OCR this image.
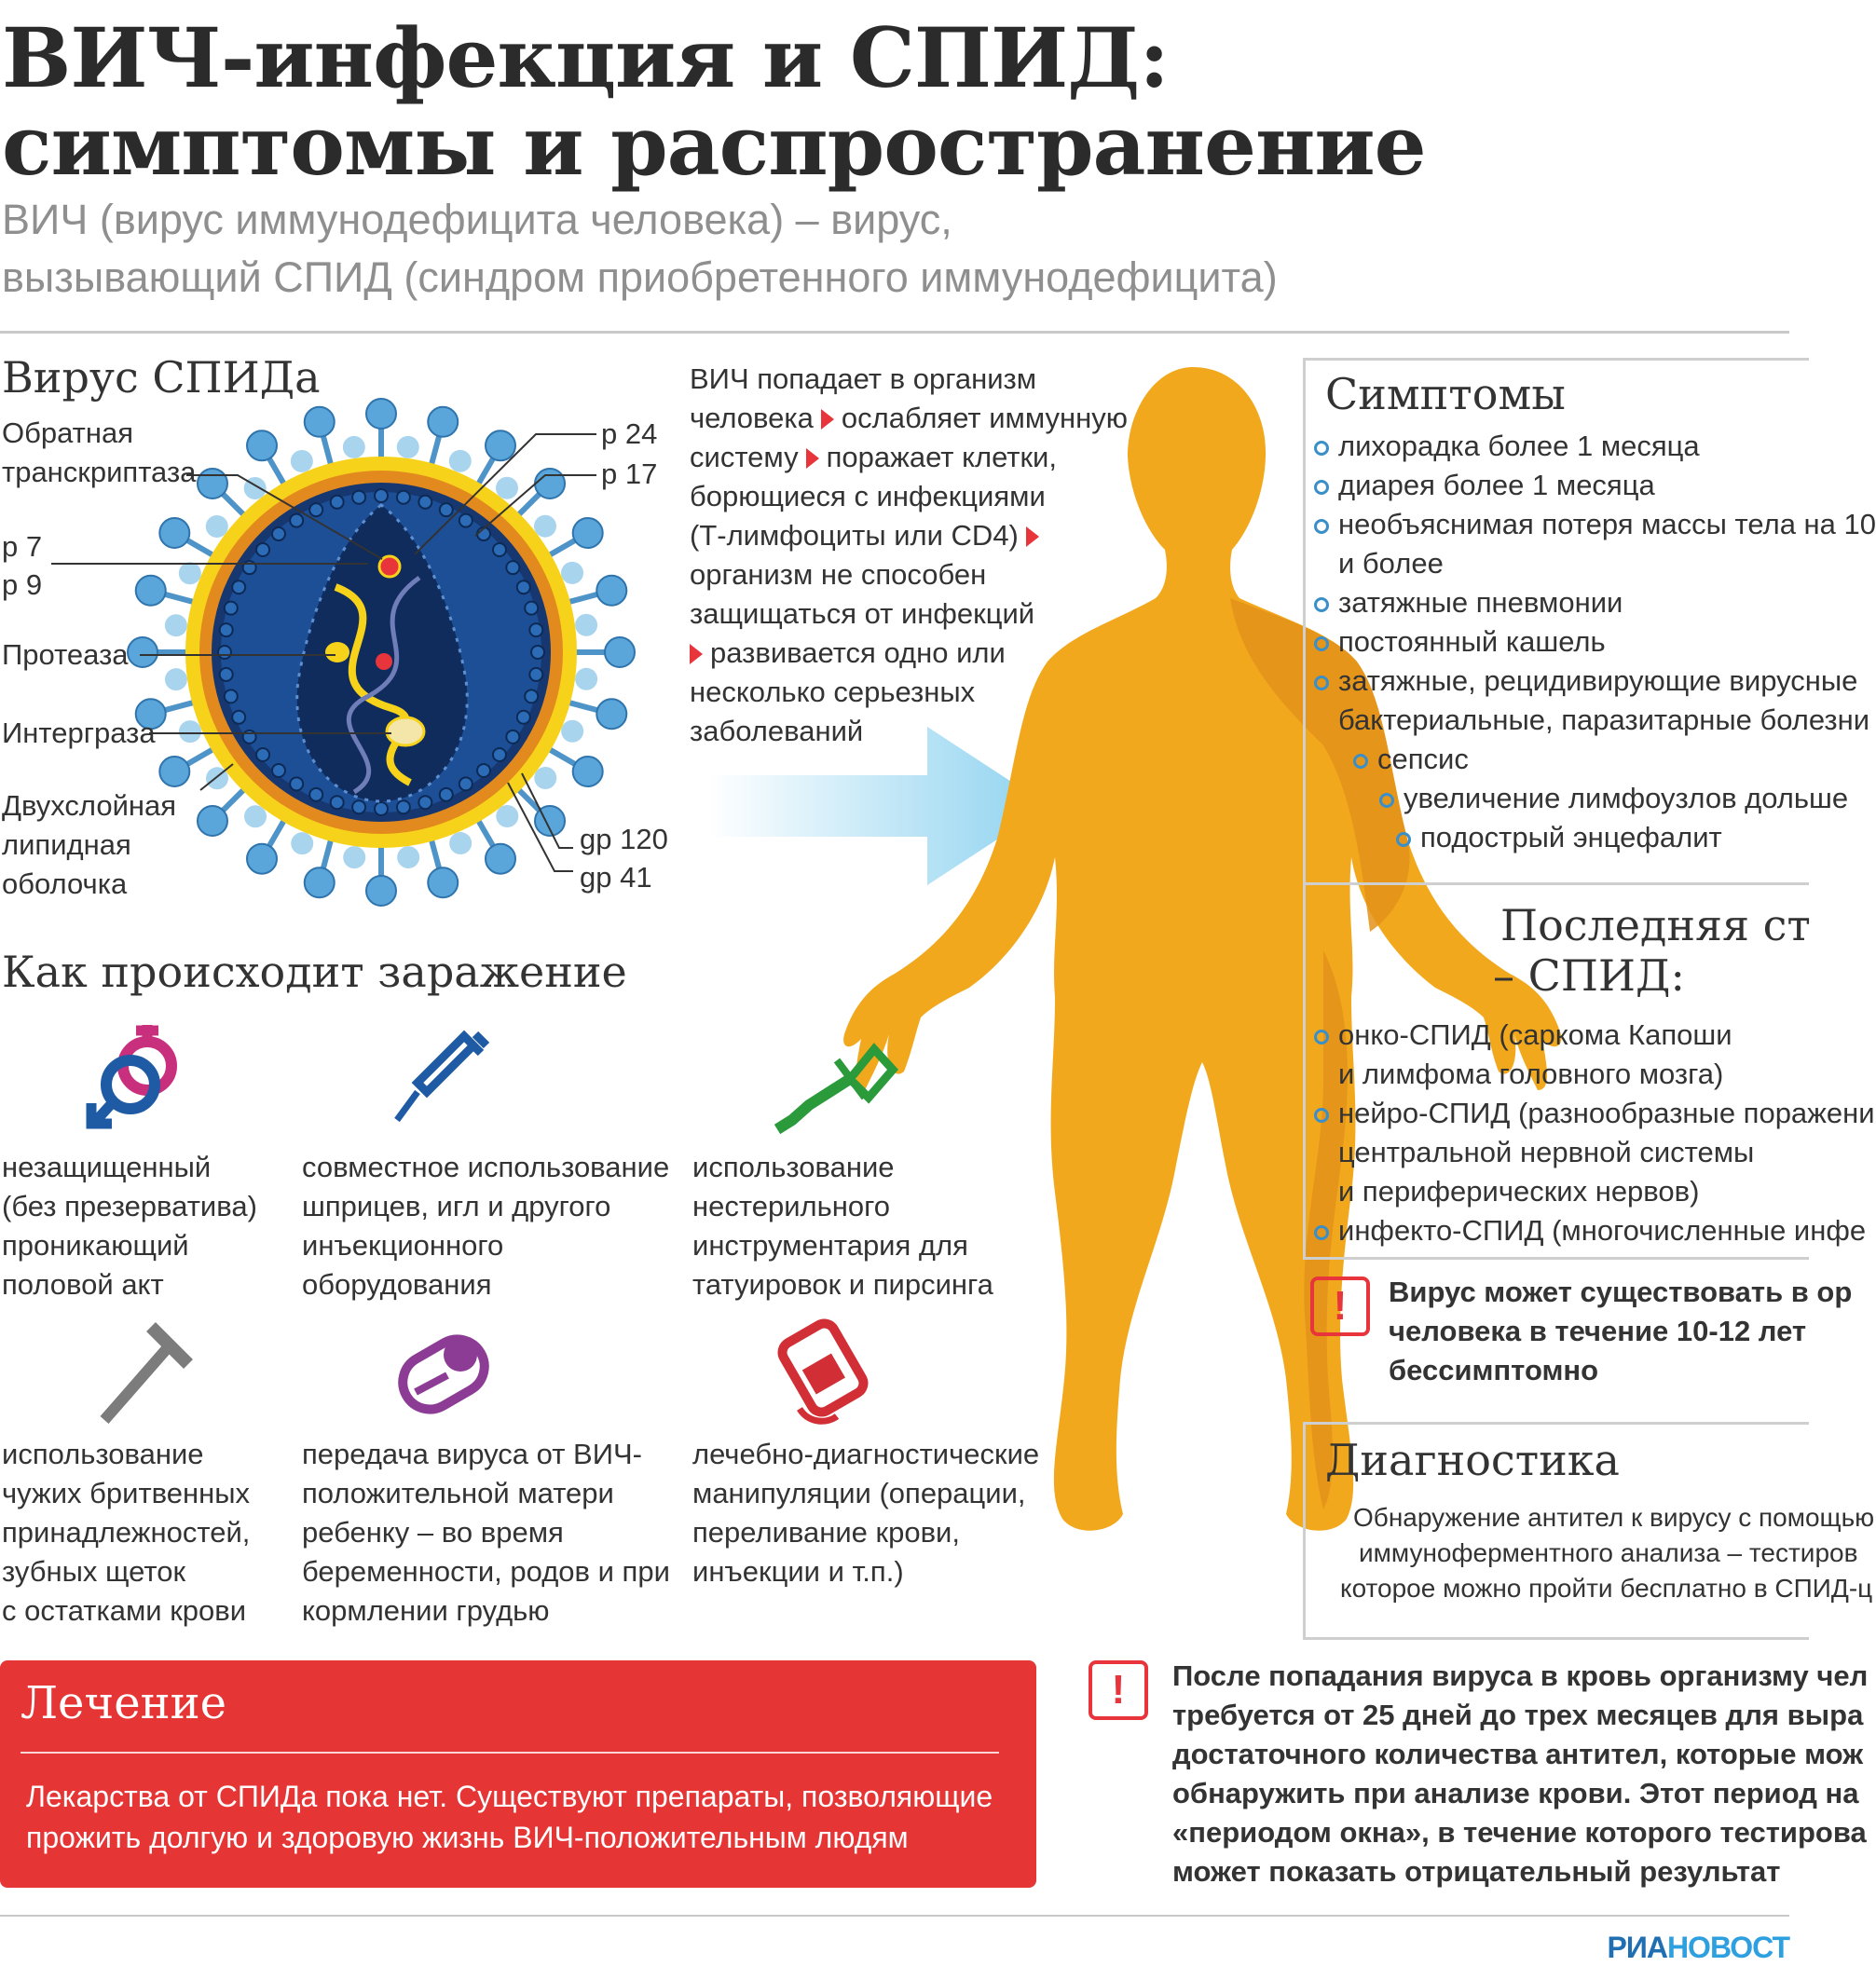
ВИЧ-инфекция и СПИД:
симптомы и распространение
ВИЧ (вирус иммунодефицита человека) – вирус,
вызывающий СПИД (синдром приобретенного иммунодефицита)
Вирус СПИДа
Обратная
транскриптаза
p 7
p 9
Протеаза
Интерграза
Двухслойная
липидная
оболочка
p 24
p 17
gp 120
gp 41
ВИЧ попадает в организм
человека ослабляет иммунную
систему поражает клетки,
борющиеся с инфекциями
(Т-лимфоциты или CD4)
организм не способен
защищаться от инфекций
развивается одно или
несколько серьезных
заболеваний
Симптомы
лихорадка более 1 месяца
диарея более 1 месяца
необъяснимая потеря массы тела на 10
и более
затяжные пневмонии
постоянный кашель
затяжные, рецидивирующие вирусные
бактериальные, паразитарные болезни
сепсис
увеличение лимфоузлов дольше
подострый энцефалит
Последняя ст
– СПИД:
онко-СПИД (саркома Капоши
и лимфома головного мозга)
нейро-СПИД (разнообразные поражени
центральной нервной системы
и периферических нервов)
инфекто-СПИД (многочисленные инфе
!	Вирус может существовать в ор
человека в течение 10-12 лет
бессимптомно
Диагностика
Обнаружение антител к вирусу с помощью
иммуноферментного анализа – тестиров
которое можно пройти бесплатно в СПИД-ц
!	После попадания вируса в кровь организму чел
требуется от 25 дней до трех месяцев для выра
достаточного количества антител, которые мож
обнаружить при анализе крови. Этот период на
«периодом окна», в течение которого тестирова
может показать отрицательный результат
Как происходит заражение
незащищенный
(без презерватива)
проникающий
половой акт
совместное использование
шприцев, игл и другого
инъекционного
оборудования
использование
нестерильного
инструментария для
татуировок и пирсинга
использование
чужих бритвенных
принадлежностей,
зубных щеток
с остатками крови
передача вируса от ВИЧ-
положительной матери
ребенку – во время
беременности, родов и при
кормлении грудью
лечебно-диагностические
манипуляции (операции,
переливание крови,
инъекции и т.п.)
Лечение
Лекарства от СПИДа пока нет. Существуют препараты, позволяющие
прожить долгую и здоровую жизнь ВИЧ-положительным людям
РИАНОВОСТ
